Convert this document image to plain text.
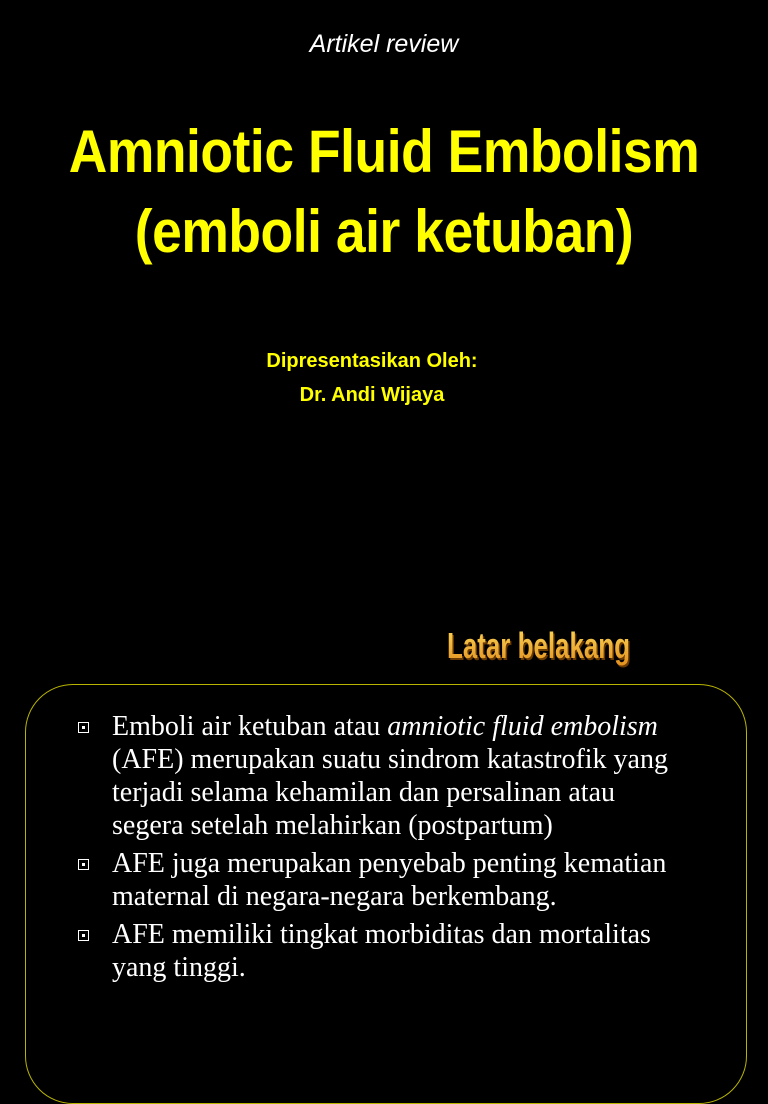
Artikel review
Amniotic Fluid Embolism
(emboli air ketuban)
Dipresentasikan Oleh:
Dr. Andi Wijaya
Latar belakang
Emboli air ketuban atau amniotic fluid embolism (AFE) merupakan suatu sindrom katastrofik yang terjadi selama kehamilan dan persalinan atau segera setelah melahirkan (postpartum)
AFE juga merupakan penyebab penting kematian maternal di negara-negara berkembang.
AFE memiliki tingkat morbiditas dan mortalitas yang tinggi.
